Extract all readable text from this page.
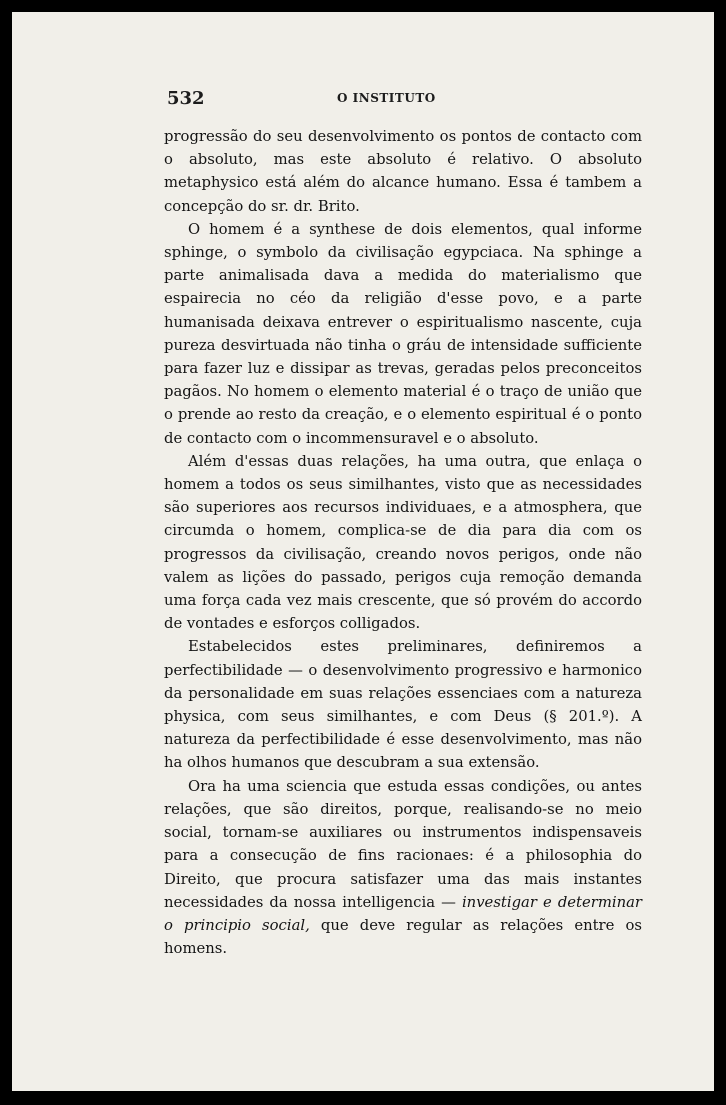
532	O INSTITUTO

progressão do seu desenvolvimento os pontos de contacto com o absoluto, mas este absoluto é relativo. O absoluto metaphysico está além do alcance humano. Essa é tambem a concepção do sr. dr. Brito.

O homem é a synthese de dois elementos, qual informe sphinge, o symbolo da civilisação egypciaca. Na sphinge a parte animalisada dava a medida do materialismo que espairecia no céo da religião d'esse povo, e a parte humanisada deixava entrever o espiritualismo nascente, cuja pureza desvirtuada não tinha o gráu de intensidade sufficiente para fazer luz e dissipar as trevas, geradas pelos preconceitos pagãos. No homem o elemento material é o traço de união que o prende ao resto da creação, e o elemento espiritual é o ponto de contacto com o incommensuravel e o absoluto.

Além d'essas duas relações, ha uma outra, que enlaça o homem a todos os seus similhantes, visto que as necessidades são superiores aos recursos individuaes, e a atmosphera, que circumda o homem, complica-se de dia para dia com os progressos da civilisação, creando novos perigos, onde não valem as lições do passado, perigos cuja remoção demanda uma força cada vez mais crescente, que só provém do accordo de vontades e esforços colligados.

Estabelecidos estes preliminares, definiremos a perfectibilidade — o desenvolvimento progressivo e harmonico da personalidade em suas relações essenciaes com a natureza physica, com seus similhantes, e com Deus (§ 201.º). A natureza da perfectibilidade é esse desenvolvimento, mas não ha olhos humanos que descubram a sua extensão.

Ora ha uma sciencia que estuda essas condições, ou antes relações, que são direitos, porque, realisando-se no meio social, tornam-se auxiliares ou instrumentos indispensaveis para a consecução de fins racionaes: é a philosophia do Direito, que procura satisfazer uma das mais instantes necessidades da nossa intelligencia — investigar e determinar o principio social, que deve regular as relações entre os homens.
